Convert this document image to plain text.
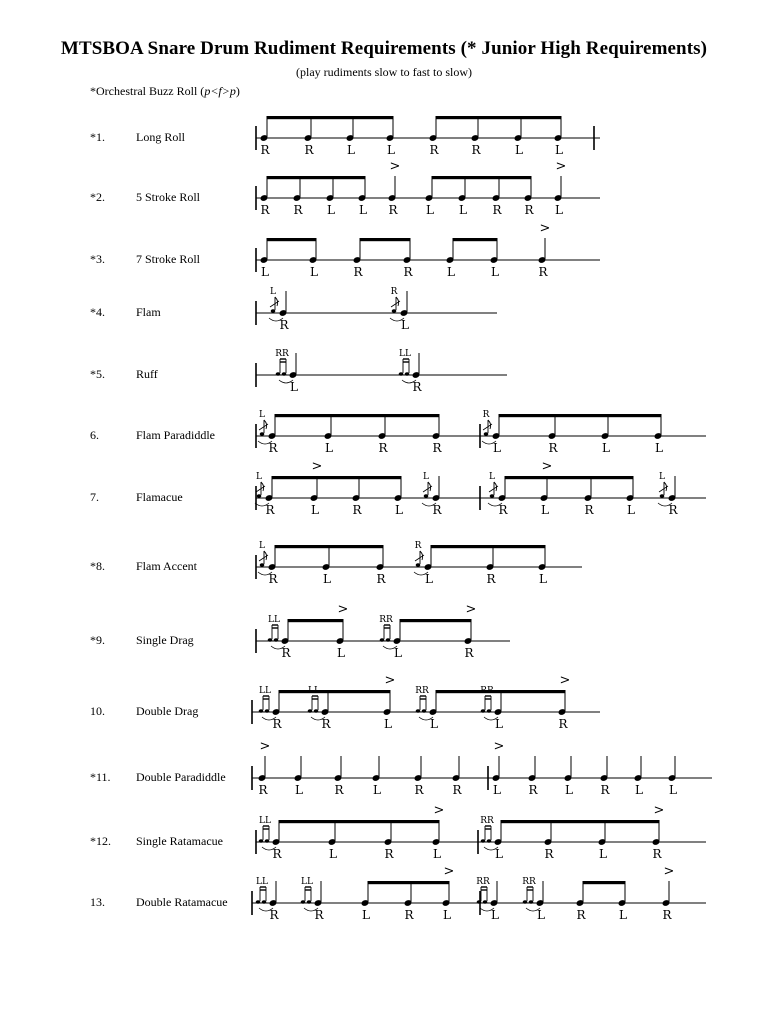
MTSBOA Snare Drum Rudiment Requirements (* Junior High Requirements)
(play rudiments slow to fast to slow)
*Orchestral Buzz Roll (p<f>p)
*1.	Long Roll
*2.	5 Stroke Roll
*3.	7 Stroke Roll
*4.	Flam
*5.	Ruff
6.	Flam Paradiddle
7.	Flamacue
*8.	Flam Accent
*9.	Single Drag
10.	Double Drag
*11. Double Paradiddle
*12. Single Ratamacue
13.	Double Ratamacue
R	R	L	L	R	R	L	L
>	>
R R L L R L L R R L
>
L	L	R	R	L	L	R
L	R
R	L
RR	LL
L	R
L	R
R	L	R	R	L	R	L	L
>	>
L	L	L	L
R	L	R	L R	R	L	R	L	R
L	R
R	L	R	L	R	L
>	>
LL	RR
R	L	L	R
>	>
LL	LL	RR	RR
R	R	L	L	L	R
>	>
R L	R L	R R	L R L R L L
>	>
LL	RR
R	L	R	L	L	R	L	R
>	>
LL	LL	RR	RR
R	R	L	R L	L	L	R	L	R
